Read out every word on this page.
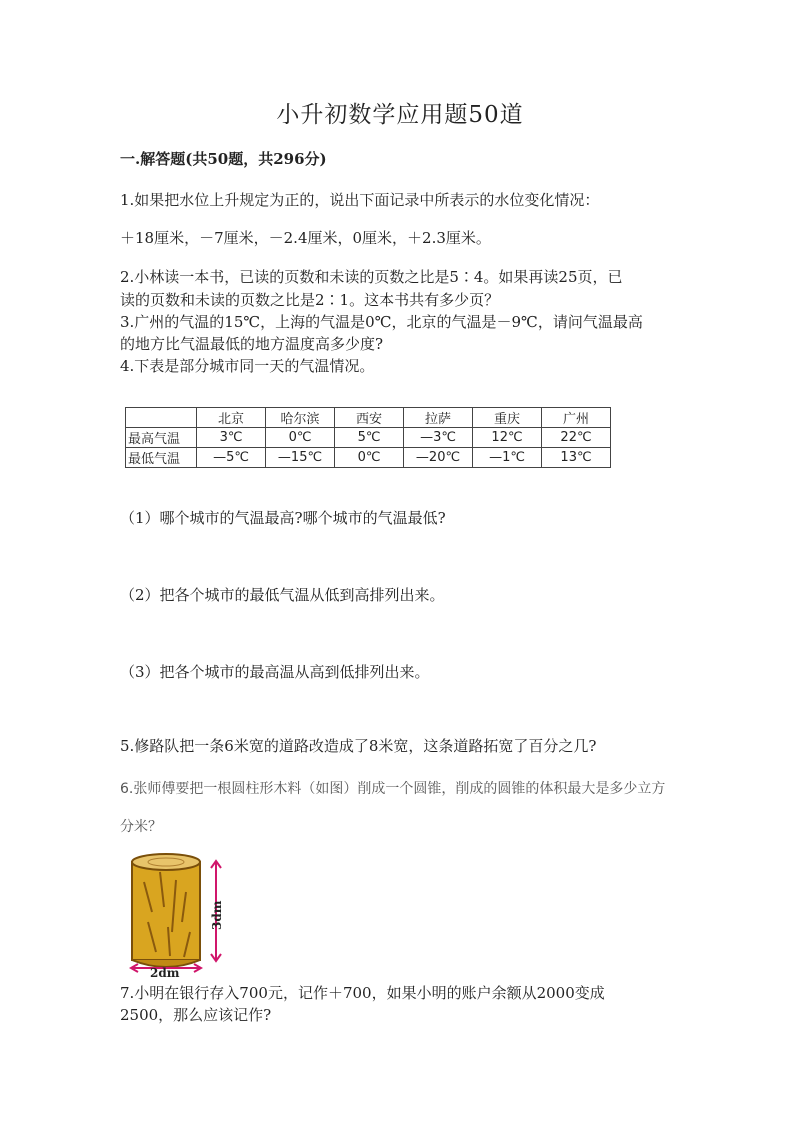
小升初数学应用题50道
一.解答题(共50题，共296分)
1.如果把水位上升规定为正的，说出下面记录中所表示的水位变化情况：
＋18厘米，－7厘米，－2.4厘米，0厘米，＋2.3厘米。
2.小林读一本书，已读的页数和未读的页数之比是5∶4。如果再读25页，已
读的页数和未读的页数之比是2∶1。这本书共有多少页？
3.广州的气温的15℃，上海的气温是0℃，北京的气温是－9℃，请问气温最高
的地方比气温最低的地方温度高多少度?
4.下表是部分城市同一天的气温情况。
	北京	哈尔滨	西安	拉萨	重庆	广州
最高气温	3℃	0℃	5℃	—3℃	12℃	22℃
最低气温	—5℃	—15℃	0℃	—20℃	—1℃	13℃
（1）哪个城市的气温最高?哪个城市的气温最低?
（2）把各个城市的最低气温从低到高排列出来。
（3）把各个城市的最高温从高到低排列出来。
5.修路队把一条6米宽的道路改造成了8米宽，这条道路拓宽了百分之几?
6.张师傅要把一根圆柱形木料（如图）削成一个圆锥，削成的圆锥的体积最大是多少立方
分米？
3dm
2dm
7.小明在银行存入700元，记作＋700，如果小明的账户余额从2000变成
2500，那么应该记作?
